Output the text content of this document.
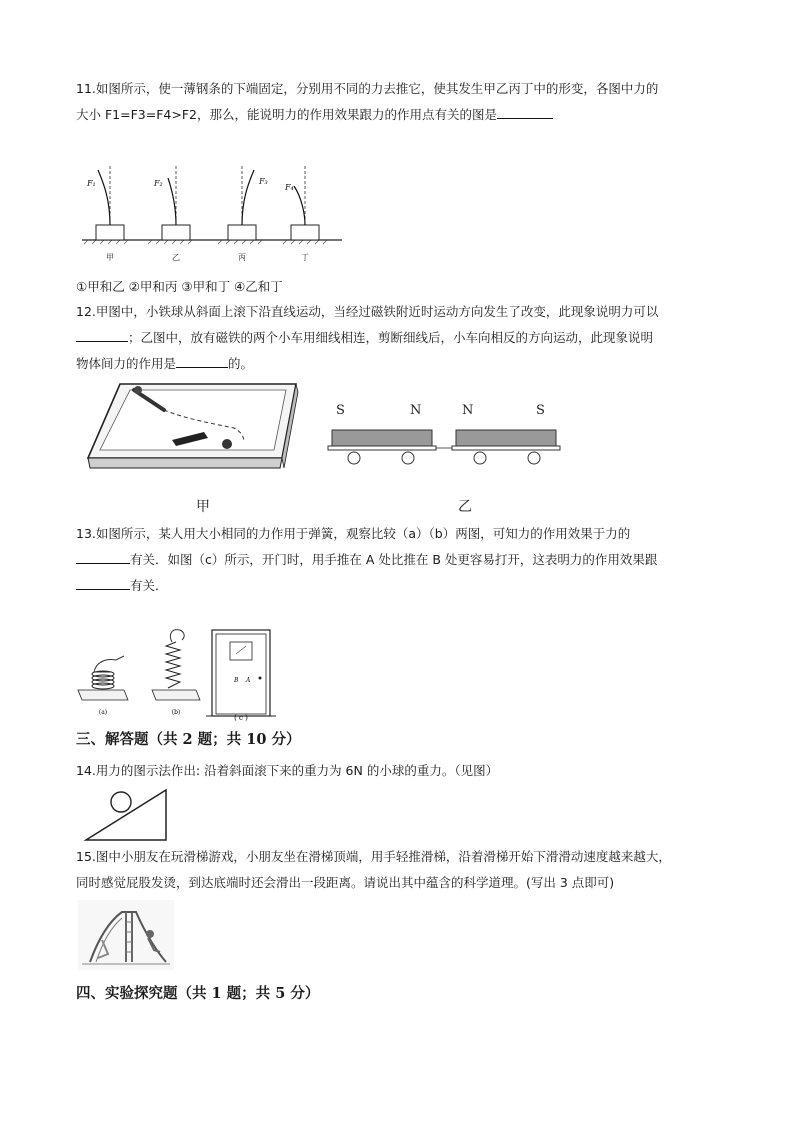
11.如图所示，使一薄钢条的下端固定，分别用不同的力去推它，使其发生甲乙丙丁中的形变，各图中力的
大小 F1=F3=F4>F2，那么，能说明力的作用效果跟力的作用点有关的图是
F₁	F₂	F₃
F₄
甲	乙	丙	丁
①甲和乙 ②甲和丙 ③甲和丁 ④乙和丁
12.甲图中，小铁球从斜面上滚下沿直线运动，当经过磁铁附近时运动方向发生了改变，此现象说明力可以
；乙图中，放有磁铁的两个小车用细线相连，剪断细线后，小车向相反的方向运动，此现象说明
物体间力的作用是	的。
甲
S	N	N	S
乙
13.如图所示，某人用大小相同的力作用于弹簧，观察比较（a）（b）两图，可知力的作用效果于力的
有关．如图（c）所示，开门时，用手推在 A 处比推在 B 处更容易打开，这表明力的作用效果跟
有关．
(a)	(b)
B A
( c )
三、解答题（共 2 题；共 10 分）
14.用力的图示法作出: 沿着斜面滚下来的重力为 6N 的小球的重力。（见图）
15.图中小朋友在玩滑梯游戏，小朋友坐在滑梯顶端，用手轻推滑梯，沿着滑梯开始下滑滑动速度越来越大，
同时感觉屁股发烫，到达底端时还会滑出一段距离。请说出其中蕴含的科学道理。(写出 3 点即可)
四、实验探究题（共 1 题；共 5 分）
